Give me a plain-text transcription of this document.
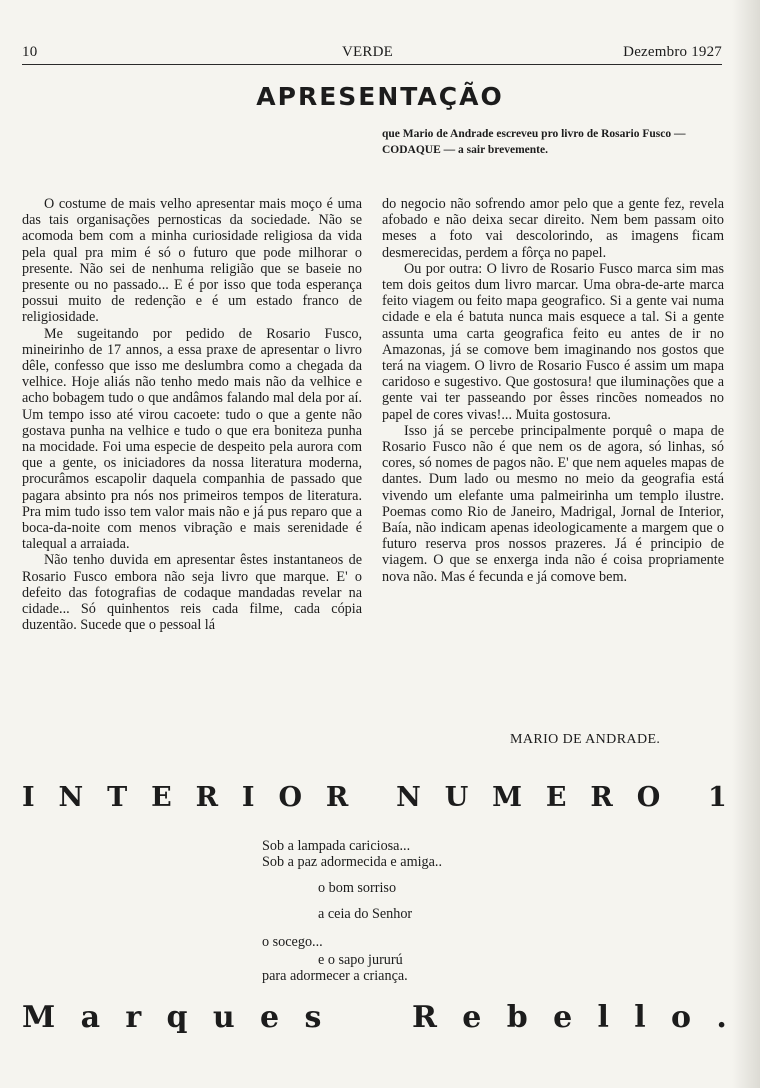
10	VERDE	Dezembro 1927
APRESENTAÇÃO
que Mario de Andrade escreveu pro livro de Rosario Fusco — CODAQUE — a sair brevemente.

O costume de mais velho apresentar mais moço é uma das tais organisações pernosticas da sociedade. Não se acomoda bem com a minha curiosidade religiosa da vida pela qual pra mim é só o futuro que pode milhorar o presente. Não sei de nenhuma religião que se baseie no presente ou no passado... E é por isso que toda esperança possui muito de redenção e é um estado franco de religiosidade.

Me sugeitando por pedido de Rosario Fusco, mineirinho de 17 annos, a essa praxe de apresentar o livro dêle, confesso que isso me deslumbra como a chegada da velhice. Hoje aliás não tenho medo mais não da velhice e acho bobagem tudo o que andâmos falando mal dela por aí. Um tempo isso até virou cacoete: tudo o que a gente não gostava punha na velhice e tudo o que era boniteza punha na mocidade. Foi uma especie de despeito pela aurora com que a gente, os iniciadores da nossa literatura moderna, procurâmos escapolir daquela companhia de passado que pagara absinto pra nós nos primeiros tempos de literatura. Pra mim tudo isso tem valor mais não e já pus reparo que a boca-da-noite com menos vibração e mais serenidade é talequal a arraiada.

Não tenho duvida em apresentar êstes instantaneos de Rosario Fusco embora não seja livro que marque. E' o defeito das fotografias de codaque mandadas revelar na cidade... Só quinhentos reis cada filme, cada cópia duzentão. Sucede que o pessoal lá

do negocio não sofrendo amor pelo que a gente fez, revela afobado e não deixa secar direito. Nem bem passam oito meses a foto vai descolorindo, as imagens ficam desmerecidas, perdem a fôrça no papel.

Ou por outra: O livro de Rosario Fusco marca sim mas tem dois geitos dum livro marcar. Uma obra-de-arte marca feito viagem ou feito mapa geografico. Si a gente vai numa cidade e ela é batuta nunca mais esquece a tal. Si a gente assunta uma carta geografica feito eu antes de ir no Amazonas, já se comove bem imaginando nos gostos que terá na viagem. O livro de Rosario Fusco é assim um mapa caridoso e sugestivo. Que gostosura! que iluminações que a gente vai ter passeando por êsses rincões nomeados no papel de cores vivas!... Muita gostosura.

Isso já se percebe principalmente porquê o mapa de Rosario Fusco não é que nem os de agora, só linhas, só cores, só nomes de pagos não. E' que nem aqueles mapas de dantes. Dum lado ou mesmo no meio da geografia está vivendo um elefante uma palmeirinha um templo ilustre. Poemas como Rio de Janeiro, Madrigal, Jornal de Interior, Baía, não indicam apenas ideologicamente a margem que o futuro reserva pros nossos prazeres. Já é principio de viagem. O que se enxerga inda não é coisa propriamente nova não. Mas é fecunda e já comove bem.

MARIO DE ANDRADE.
I N T E R I O R N U M E R O 1
Sob a lampada cariciosa...
Sob a paz adormecida e amiga..
o bom sorriso
a ceia do Senhor
o socego...
e o sapo jururú
para adormecer a criança.
M a r q u e s	R e b e l l o .
